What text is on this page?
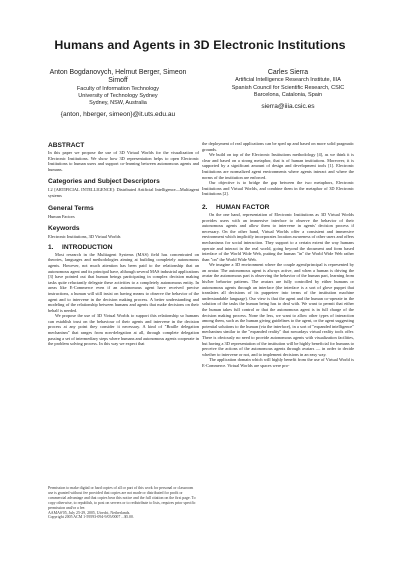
Humans and Agents in 3D Electronic Institutions
Anton Bogdanovych, Helmut Berger, Simeon Simoff
Faculty of Information Technology
University of Technology Sydney
Sydney, NSW, Australia
{anton, hberger, simeon}@it.uts.edu.au
Carles Sierra
Artificial Intelligence Research Institute, IIIA
Spanish Council for Scientific Research, CSIC
Barcelona, Catalonia, Spain
sierra@iiia.csic.es
ABSTRACT

In this paper we propose the use of 3D Virtual Worlds for the visualization of Electronic Institutions. We show how 3D representation helps to open Electronic Institutions to human users and support co-learning between autonomous agents and humans.

Categories and Subject Descriptors

I.2 [ARTIFICIAL INTELLIGENCE]: Distributed Artificial Intelligence—Multiagent systems

General Terms

Human Factors

Keywords

Electronic Institutions, 3D Virtual Worlds

1. INTRODUCTION

Most research in the Multiagent Systems (MAS) field has concentrated on theories, languages and methodologies aiming at building completely autonomous agents. However, not much attention has been paid to the relationship that an autonomous agent and its principal have, although several MAS industrial applications [3] have pointed out that human beings participating in complex decision making tasks quite reluctantly delegate these activities to a completely autonomous entity. In areas like E-Commerce even if an autonomous agent have received precise instructions, a human will still insist on having means to observe the behavior of the agent and to intervene in the decision making process. A better understanding and modeling of the relationship between humans and agents that make decisions on their behalf is needed.

We propose the use of 3D Virtual Worlds to support this relationship so humans can establish trust on the behaviour of their agents and intervene in the decision process at any point they consider it necessary. A kind of "Braille delegation mechanism" that ranges from non-delegation at all, through complete delegation passing a set of intermediary steps where humans and autonomous agents cooperate in the problem solving process. In this way we expect that

the deployment of real applications can be sped up and based on more solid pragmatic grounds.

We build on top of the Electronic Institutions methodology [4], as we think it is clear and based on a strong metaphor, that is of human institutions. Moreover, it is supported by a significant amount of design and development tools [1]. Electronic Institutions are normalized agent environments where agents interact and where the norms of the institution are enforced.

Our objective is to bridge the gap between the two metaphors, Electronic Institutions and Virtual Worlds, and combine them in the metaphor of 3D Electronic Institutions [2].

2. HUMAN FACTOR

On the one hand, representation of Electronic Institutions as 3D Virtual Worlds provides users with an immersive interface to observe the behavior of their autonomous agents and allow them to intervene in agents' decision process if necessary. On the other hand, Virtual Worlds offer a consistent and immersive environment which implicitly incorporates location awareness of other users and offers mechanisms for social interaction. They support to a certain extent the way humans operate and interact in the real world, going beyond the document and form based interface of the World Wide Web, putting the human "in" the World Wide Web rather than "on" the World Wide Web.

We imagine a 3D environment where the couple agent/principal is represented by an avatar. The autonomous agent is always active, and when a human is driving the avatar the autonomous part is observing the behavior of the human part, learning from his/her behavior patterns. The avatars are fully controlled by either humans or autonomous agents through an interface (the interface is a sort of glove puppet that translates all decisions of its puppeteer into terms of the institution machine understandable language). Our view is that the agent and the human co-operate in the solution of the tasks the human being has to deal with. We want to permit that either the human takes full control or that the autonomous agent is in full charge of the decision making process. None the less, we want to allow other types of interaction among them, such as the human giving guidelines to the agent, or the agent suggesting potential solutions to the human (via the interface), in a sort of "expanded intelligence" mechanism similar to the "expanded reality" that nowadays virtual reality tools offer. There is obviously no need to provide autonomous agents with visualization facilities, but having a 3D representation of the institution will be highly beneficial for humans to perceive the actions of the autonomous agents through avatars — in order to decide whether to intervene or not, and to implement decisions in an easy way.

The application domain which will highly benefit from the use of Virtual World is E-Commerce. Virtual Worlds are spaces were pro-

Permission to make digital or hard copies of all or part of this work for personal or classroom use is granted without fee provided that copies are not made or distributed for profit or commercial advantage and that copies bear this notice and the full citation on the first page. To copy otherwise, to republish, to post on servers or to redistribute to lists, requires prior specific permission and/or a fee.
AAMAS'05, July 25-29, 2005, Utrecht, Netherlands.
Copyright 2005 ACM 1-59593-094-9/05/0007 ...$5.00.
